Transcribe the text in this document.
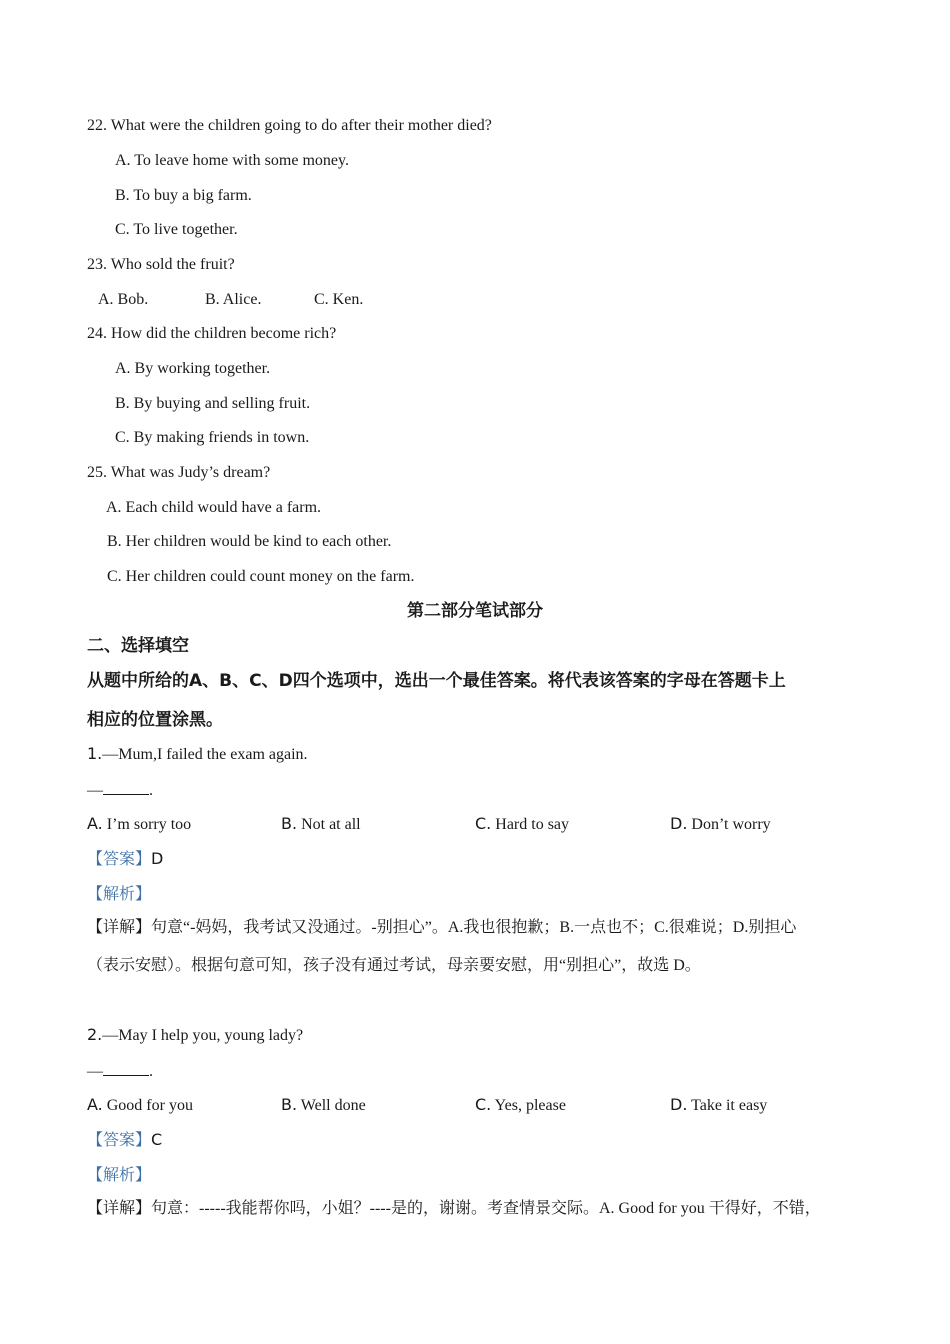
22. What were the children going to do after their mother died?
A. To leave home with some money.
B. To buy a big farm.
C. To live together.
23. Who sold the fruit?
A. Bob.	B. Alice.	C. Ken.
24. How did the children become rich?
A. By working together.
B. By buying and selling fruit.
C. By making friends in town.
25. What was Judy’s dream?
A. Each child would have a farm.
B. Her children would be kind to each other.
C. Her children could count money on the farm.
第二部分笔试部分
二、选择填空
从题中所给的A、B、C、D四个选项中，选出一个最佳答案。将代表该答案的字母在答题卡上
相应的位置涂黑。
1.—Mum,I failed the exam again.
—	.
A. I’m sorry too	B. Not at all	C. Hard to say	D. Don’t worry
【答案】D
【解析】
【详解】句意“-妈妈，我考试又没通过。-别担心”。A.我也很抱歉；B.一点也不；C.很难说；D.别担心
（表示安慰）。根据句意可知，孩子没有通过考试，母亲要安慰，用“别担心”，故选 D。
2.—May I help you, young lady?
—	.
A. Good for you	B. Well done	C. Yes, please	D. Take it easy
【答案】C
【解析】
【详解】句意：-----我能帮你吗，小姐？----是的，谢谢。考查情景交际。A. Good for you 干得好，不错，
